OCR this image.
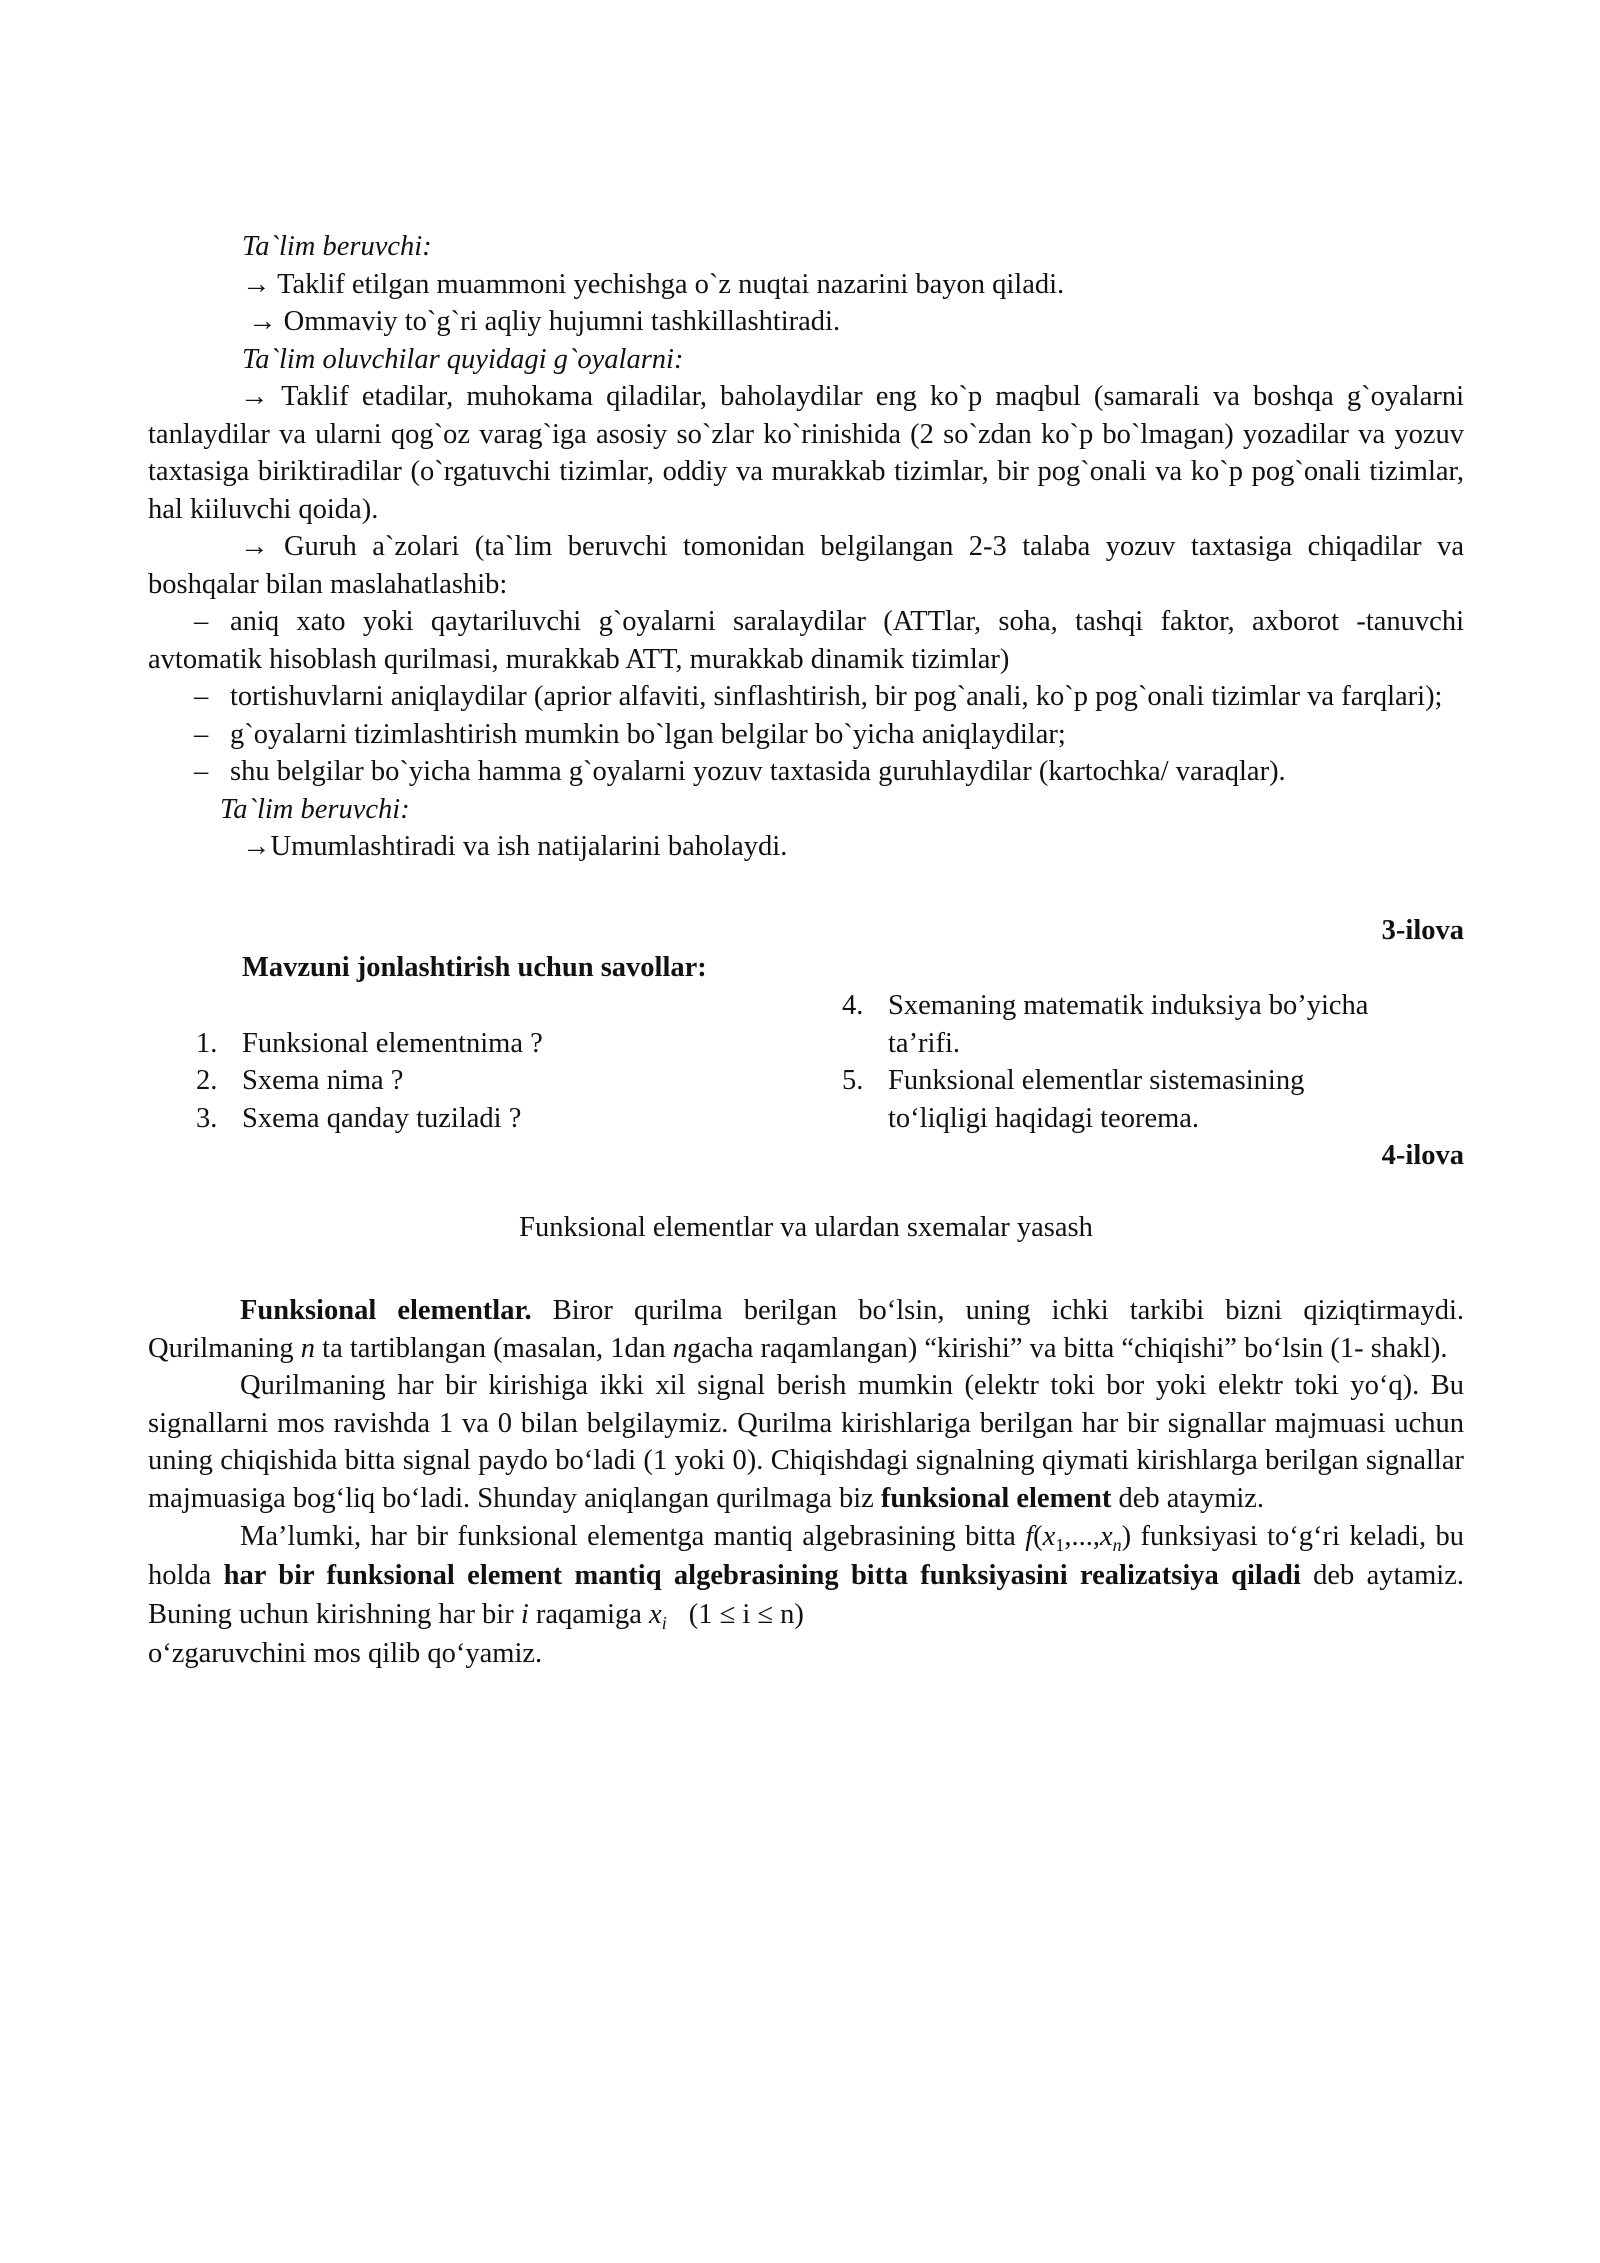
Ta`lim beruvchi:

→ Taklif etilgan muammoni yechishga o`z nuqtai nazarini bayon qiladi.

→ Ommaviy to`g`ri aqliy hujumni tashkillashtiradi.

Ta`lim oluvchilar quyidagi g`oyalarni:

→ Taklif etadilar, muhokama qiladilar, baholaydilar eng ko`p maqbul (samarali va boshqa g`oyalarni tanlaydilar va ularni qog`oz varag`iga asosiy so`zlar ko`rinishida (2 so`zdan ko`p bo`lmagan) yozadilar va yozuv taxtasiga biriktiradilar (o`rgatuvchi tizimlar, oddiy va murakkab tizimlar, bir pog`onali va ko`p pog`onali tizimlar, hal kiiluvchi qoida).

→ Guruh a`zolari (ta`lim beruvchi tomonidan belgilangan 2-3 talaba yozuv taxtasiga chiqadilar va boshqalar bilan maslahatlashib:

– aniq xato yoki qaytariluvchi g`oyalarni saralaydilar (ATTlar, soha, tashqi faktor, axborot -tanuvchi avtomatik hisoblash qurilmasi, murakkab ATT, murakkab dinamik tizimlar)

– tortishuvlarni aniqlaydilar (aprior alfaviti, sinflashtirish, bir pog`anali, ko`p pog`onali tizimlar va farqlari);

– g`oyalarni tizimlashtirish mumkin bo`lgan belgilar bo`yicha aniqlaydilar;

– shu belgilar bo`yicha hamma g`oyalarni yozuv taxtasida guruhlaydilar (kartochka/ varaqlar).

Ta`lim beruvchi:

→Umumlashtiradi va ish natijalarini baholaydi.

3-ilova

Mavzuni jonlashtirish uchun savollar:

1. Funksional elementnima ?
2. Sxema nima ?
3. Sxema qanday tuziladi ?
4. Sxemaning matematik induksiya bo’yicha
ta’rifi.
5. Funksional elementlar sistemasining
to‘liqligi haqidagi teorema.

4-ilova

Funksional elementlar va ulardan sxemalar yasash

Funksional elementlar. Biror qurilma berilgan bo‘lsin, uning ichki tarkibi bizni qiziqtirmaydi. Qurilmaning n ta tartiblangan (masalan, 1dan ngacha raqamlangan) “kirishi” va bitta “chiqishi” bo‘lsin (1- shakl).

Qurilmaning har bir kirishiga ikki xil signal berish mumkin (elektr toki bor yoki elektr toki yo‘q). Bu signallarni mos ravishda 1 va 0 bilan belgilaymiz. Qurilma kirishlariga berilgan har bir signallar majmuasi uchun uning chiqishida bitta signal paydo bo‘ladi (1 yoki 0). Chiqishdagi signalning qiymati kirishlarga berilgan signallar majmuasiga bog‘liq bo‘ladi. Shunday aniqlangan qurilmaga biz funksional element deb ataymiz.

Ma’lumki, har bir funksional elementga mantiq algebrasining bitta $f(x_1,...,x_n)$ funksiyasi to‘g‘ri keladi, bu holda har bir funksional element mantiq algebrasining bitta funksiyasini realizatsiya qiladi deb aytamiz. Buning uchun kirishning har bir i raqamiga $x_i$ (1 ≤ i ≤ n)
o‘zgaruvchini mos qilib qo‘yamiz.
